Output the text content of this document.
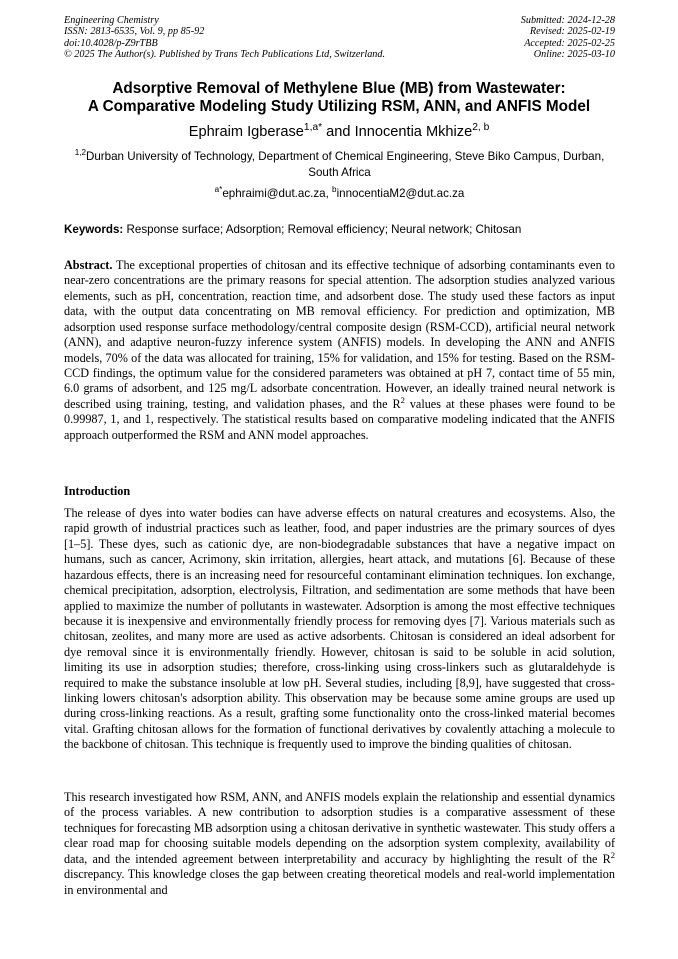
Engineering Chemistry
ISSN: 2813-6535, Vol. 9, pp 85-92
doi:10.4028/p-Z9rTBB
© 2025 The Author(s). Published by Trans Tech Publications Ltd, Switzerland.
Submitted: 2024-12-28
Revised: 2025-02-19
Accepted: 2025-02-25
Online: 2025-03-10
Adsorptive Removal of Methylene Blue (MB) from Wastewater:
A Comparative Modeling Study Utilizing RSM, ANN, and ANFIS Model
Ephraim Igberase$^{1,a*}$ and Innocentia Mkhize$^{2, b}$
$^{1,2}$Durban University of Technology, Department of Chemical Engineering, Steve Biko Campus, Durban, South Africa
$^{a*}$ephraimi@dut.ac.za, $^b$innocentiaM2@dut.ac.za
Keywords: Response surface; Adsorption; Removal efficiency; Neural network; Chitosan
Abstract. The exceptional properties of chitosan and its effective technique of adsorbing contaminants even to near-zero concentrations are the primary reasons for special attention. The adsorption studies analyzed various elements, such as pH, concentration, reaction time, and adsorbent dose. The study used these factors as input data, with the output data concentrating on MB removal efficiency. For prediction and optimization, MB adsorption used response surface methodology/central composite design (RSM-CCD), artificial neural network (ANN), and adaptive neuron-fuzzy inference system (ANFIS) models. In developing the ANN and ANFIS models, 70% of the data was allocated for training, 15% for validation, and 15% for testing. Based on the RSM-CCD findings, the optimum value for the considered parameters was obtained at pH 7, contact time of 55 min, 6.0 grams of adsorbent, and 125 mg/L adsorbate concentration. However, an ideally trained neural network is described using training, testing, and validation phases, and the $R^2$ values at these phases were found to be 0.99987, 1, and 1, respectively. The statistical results based on comparative modeling indicated that the ANFIS approach outperformed the RSM and ANN model approaches.
Introduction
The release of dyes into water bodies can have adverse effects on natural creatures and ecosystems. Also, the rapid growth of industrial practices such as leather, food, and paper industries are the primary sources of dyes [1–5]. These dyes, such as cationic dye, are non-biodegradable substances that have a negative impact on humans, such as cancer, Acrimony, skin irritation, allergies, heart attack, and mutations [6]. Because of these hazardous effects, there is an increasing need for resourceful contaminant elimination techniques. Ion exchange, chemical precipitation, adsorption, electrolysis, Filtration, and sedimentation are some methods that have been applied to maximize the number of pollutants in wastewater. Adsorption is among the most effective techniques because it is inexpensive and environmentally friendly process for removing dyes [7]. Various materials such as chitosan, zeolites, and many more are used as active adsorbents. Chitosan is considered an ideal adsorbent for dye removal since it is environmentally friendly. However, chitosan is said to be soluble in acid solution, limiting its use in adsorption studies; therefore, cross-linking using cross-linkers such as glutaraldehyde is required to make the substance insoluble at low pH. Several studies, including [8,9], have suggested that cross-linking lowers chitosan's adsorption ability. This observation may be because some amine groups are used up during cross-linking reactions. As a result, grafting some functionality onto the cross-linked material becomes vital. Grafting chitosan allows for the formation of functional derivatives by covalently attaching a molecule to the backbone of chitosan. This technique is frequently used to improve the binding qualities of chitosan.
This research investigated how RSM, ANN, and ANFIS models explain the relationship and essential dynamics of the process variables. A new contribution to adsorption studies is a comparative assessment of these techniques for forecasting MB adsorption using a chitosan derivative in synthetic wastewater. This study offers a clear road map for choosing suitable models depending on the adsorption system complexity, availability of data, and the intended agreement between interpretability and accuracy by highlighting the result of the $R^2$ discrepancy. This knowledge closes the gap between creating theoretical models and real-world implementation in environmental and
